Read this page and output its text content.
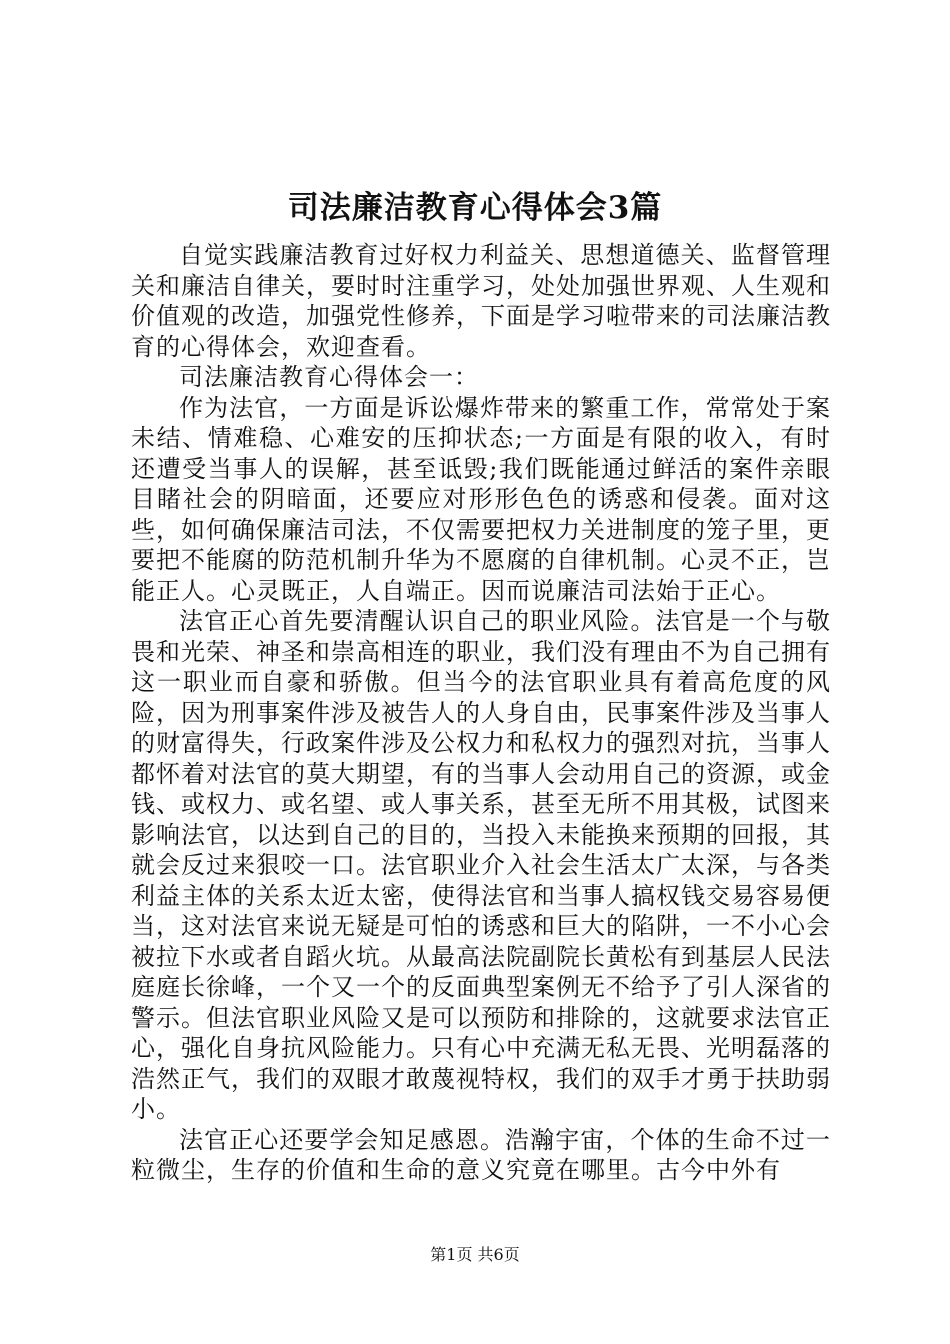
司法廉洁教育心得体会3篇

自觉实践廉洁教育过好权力利益关、思想道德关、监督管理关和廉洁自律关，要时时注重学习，处处加强世界观、人生观和价值观的改造，加强党性修养，下面是学习啦带来的司法廉洁教育的心得体会，欢迎查看。

司法廉洁教育心得体会一：

作为法官，一方面是诉讼爆炸带来的繁重工作，常常处于案未结、情难稳、心难安的压抑状态;一方面是有限的收入，有时还遭受当事人的误解，甚至诋毁;我们既能通过鲜活的案件亲眼目睹社会的阴暗面，还要应对形形色色的诱惑和侵袭。面对这些，如何确保廉洁司法，不仅需要把权力关进制度的笼子里，更要把不能腐的防范机制升华为不愿腐的自律机制。心灵不正，岂能正人。心灵既正，人自端正。因而说廉洁司法始于正心。

法官正心首先要清醒认识自己的职业风险。法官是一个与敬畏和光荣、神圣和崇高相连的职业，我们没有理由不为自己拥有这一职业而自豪和骄傲。但当今的法官职业具有着高危度的风险，因为刑事案件涉及被告人的人身自由，民事案件涉及当事人的财富得失，行政案件涉及公权力和私权力的强烈对抗，当事人都怀着对法官的莫大期望，有的当事人会动用自己的资源，或金钱、或权力、或名望、或人事关系，甚至无所不用其极，试图来影响法官，以达到自己的目的，当投入未能换来预期的回报，其就会反过来狠咬一口。法官职业介入社会生活太广太深，与各类利益主体的关系太近太密，使得法官和当事人搞权钱交易容易便当，这对法官来说无疑是可怕的诱惑和巨大的陷阱，一不小心会被拉下水或者自蹈火坑。从最高法院副院长黄松有到基层人民法庭庭长徐峰，一个又一个的反面典型案例无不给予了引人深省的警示。但法官职业风险又是可以预防和排除的，这就要求法官正心，强化自身抗风险能力。只有心中充满无私无畏、光明磊落的浩然正气，我们的双眼才敢蔑视特权，我们的双手才勇于扶助弱小。

法官正心还要学会知足感恩。浩瀚宇宙，个体的生命不过一粒微尘，生存的价值和生命的意义究竟在哪里。古今中外有

第1页 共6页
